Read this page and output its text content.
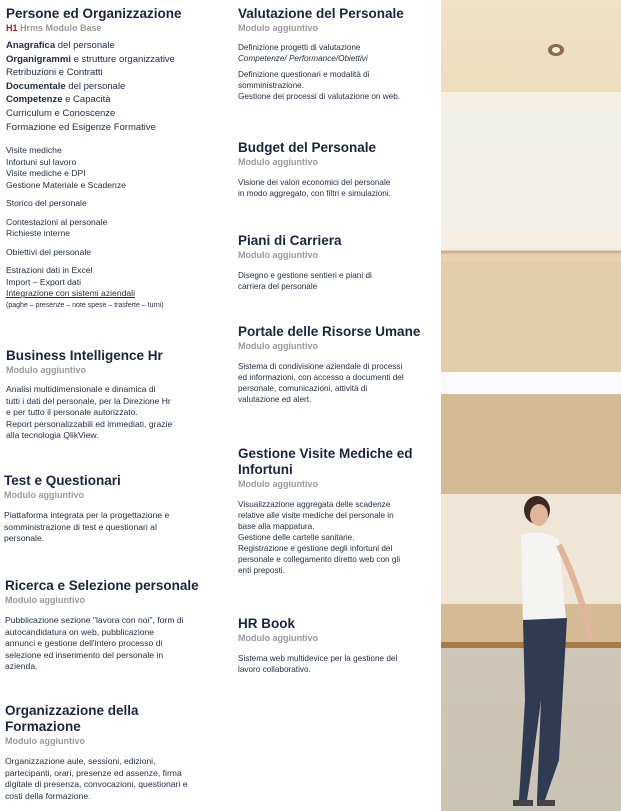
Persone ed Organizzazione
H1 Hrms Modulo Base
Anagrafica del personale
Organigrammi e strutture organizzative
Retribuzioni e Contratti
Documentale del personale
Competenze e Capacità
Curriculum e Conoscenze
Formazione ed Esigenze Formative
Visite mediche
Infortuni sul lavoro
Visite mediche e DPI
Gestione Materiale e Scadenze
Storico del personale
Contestazioni al personale
Richieste interne
Obiettivi del personale
Estrazioni dati in Excel
Import – Export dati
Integrazione con sistemi aziendali
(paghe – presenze – note spese – trasferte – turni)
Business Intelligence Hr
Modulo aggiuntivo

Analisi multidimensionale e dinamica di

tutti i dati del personale, per la Direzione Hr

e per tutto il personale autorizzato.

Report personalizzabili ed immediati, grazie

alla tecnologia QlikView.

Test e Questionari
Modulo aggiuntivo

Piattaforma integrata per la progettazione e

somministrazione di test e questionari al

personale.

Ricerca e Selezione personale
Modulo aggiuntivo

Pubblicazione sezione "lavora con noi", form di

autocandidatura on web, pubblicazione

annunci e gestione dell'intero processo di

selezione ed inserimento del personale in

azienda.

Organizzazione della
Formazione
Modulo aggiuntivo

Organizzazione aule, sessioni, edizioni,

partecipanti, orari, presenze ed assenze, firma

digitale di presenza, convocazioni, questionari e

costi della formazione.

Valutazione del Personale
Modulo aggiuntivo

Definizione progetti di valutazione

Competenze/ Performance/Obiettivi

Definizione questionari e modalità di

somministrazione.

Gestione dei processi di valutazione on web.

Budget del Personale
Modulo aggiuntivo

Visione dei valori economici del personale

in modo aggregato, con filtri e simulazioni.

Piani di Carriera
Modulo aggiuntivo

Disegno e gestione sentieri e piani di

carriera del personale

Portale delle Risorse Umane
Modulo aggiuntivo

Sistema di condivisione aziendale di processi

ed informazioni, con accesso a documenti del

personale, comunicazioni, attività di

valutazione ed alert.

Gestione Visite Mediche ed
Infortuni
Modulo aggiuntivo

Visualizzazione aggregata delle scadenze

relative alle visite mediche del personale in

base alla mappatura.

Gestione delle cartelle sanitarie.

Registrazione e gestione degli infortuni del

personale e collegamento diretto web con gli

enti preposti.

HR Book
Modulo aggiuntivo

Sistema web multidevice per la gestione del

lavoro collaborativo.
